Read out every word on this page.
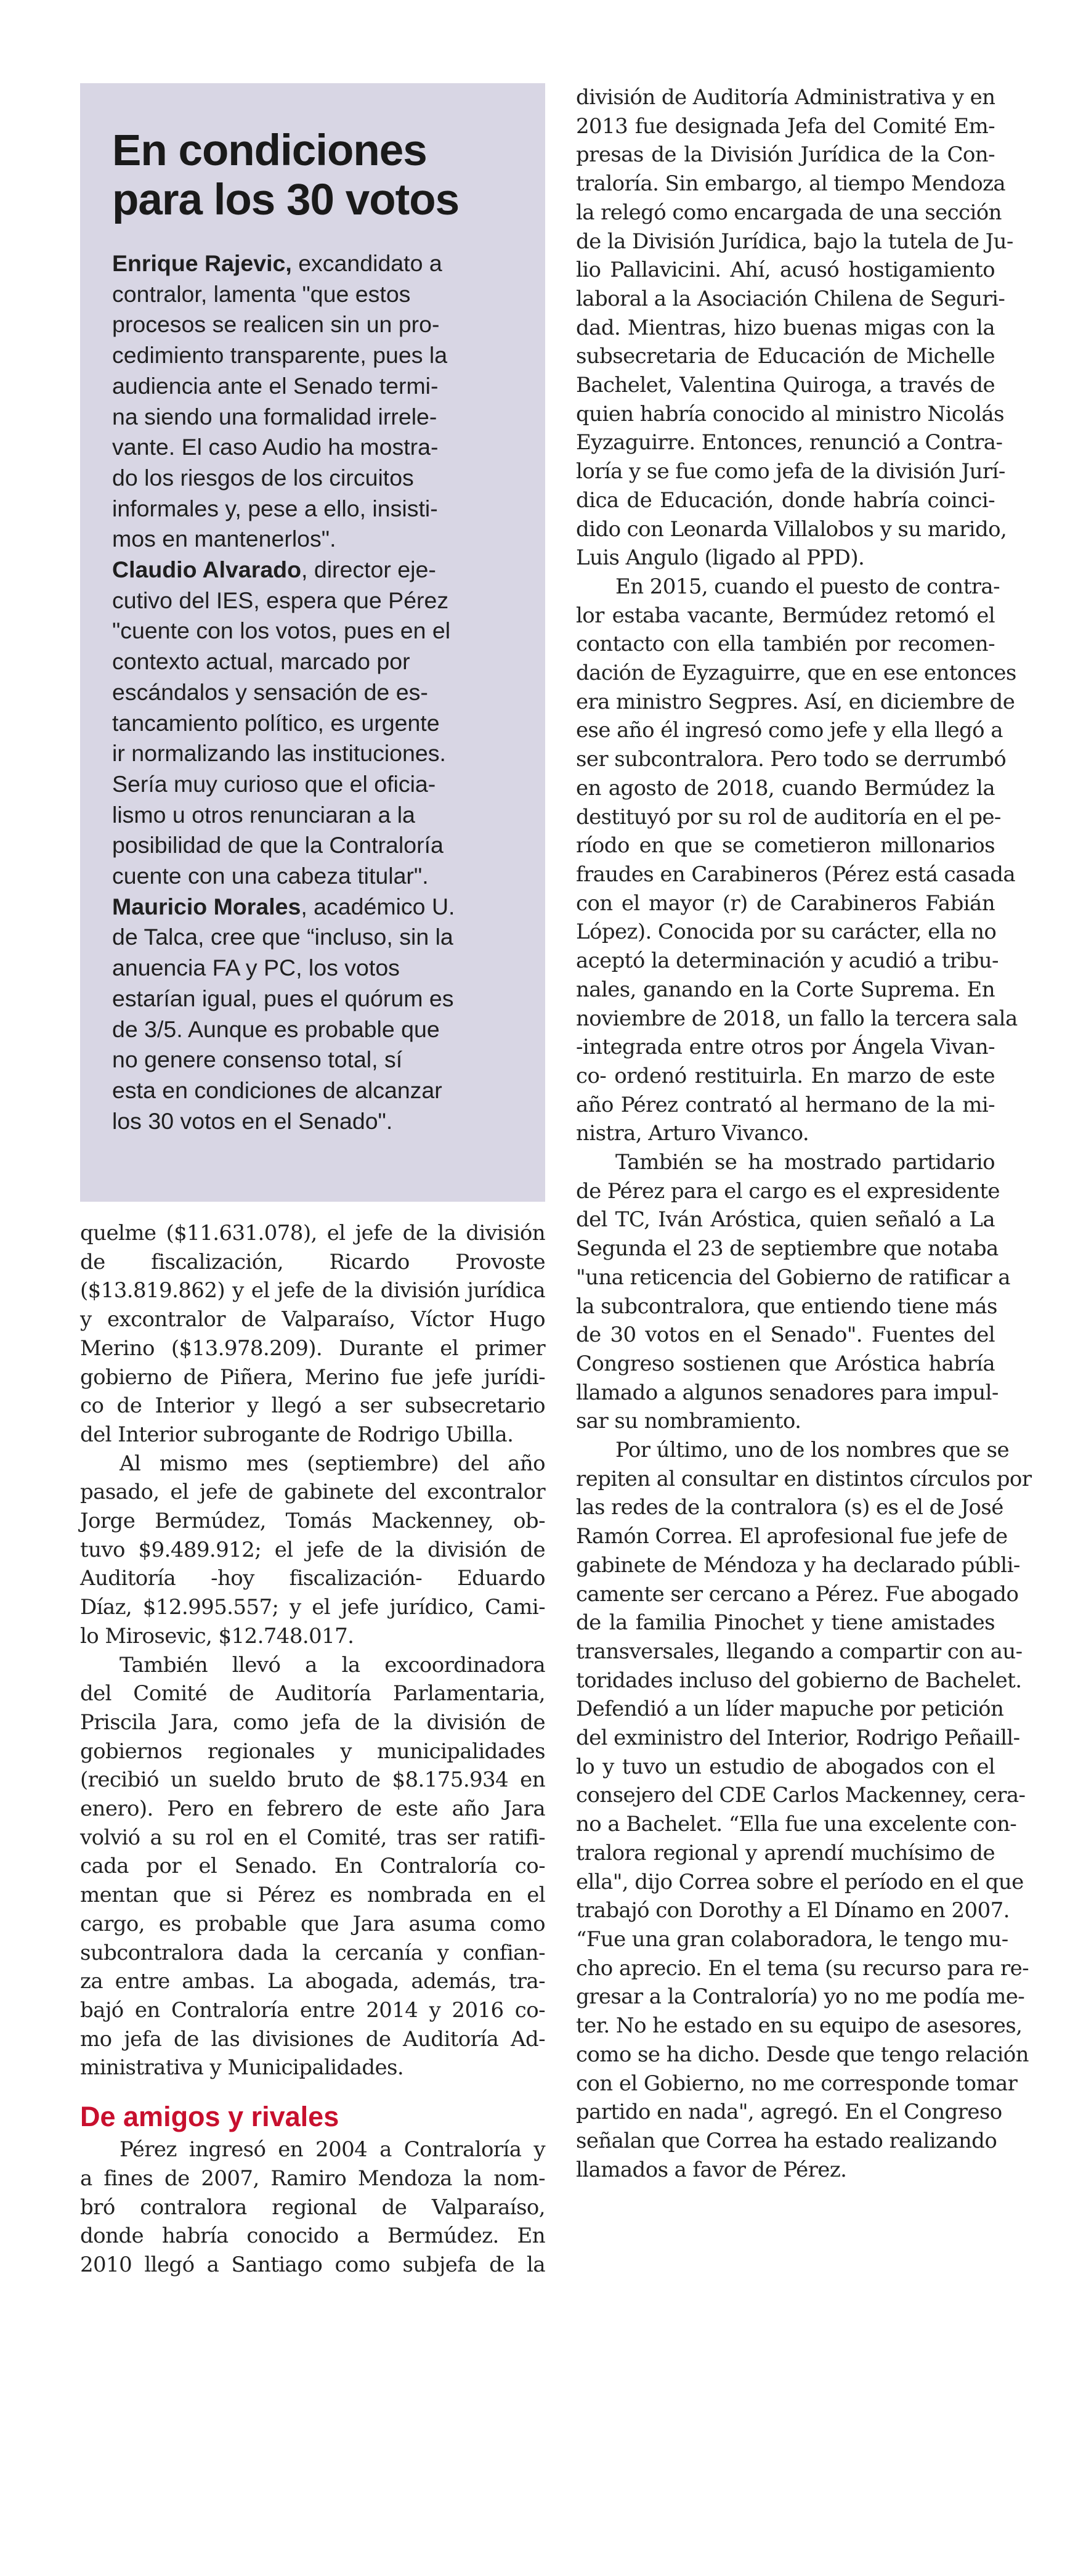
En condiciones
para los 30 votos
Enrique Rajevic, excandidato a
contralor, lamenta "que estos
procesos se realicen sin un pro-
cedimiento transparente, pues la
audiencia ante el Senado termi-
na siendo una formalidad irrele-
vante. El caso Audio ha mostra-
do los riesgos de los circuitos
informales y, pese a ello, insisti-
mos en mantenerlos".
Claudio Alvarado, director eje-
cutivo del IES, espera que Pérez
"cuente con los votos, pues en el
contexto actual, marcado por
escándalos y sensación de es-
tancamiento político, es urgente
ir normalizando las instituciones.
Sería muy curioso que el oficia-
lismo u otros renunciaran a la
posibilidad de que la Contraloría
cuente con una cabeza titular".
Mauricio Morales, académico U.
de Talca, cree que “incluso, sin la
anuencia FA y PC, los votos
estarían igual, pues el quórum es
de 3/5. Aunque es probable que
no genere consenso total, sí
esta en condiciones de alcanzar
los 30 votos en el Senado".
quelme ($11.631.078), el jefe de la división
de fiscalización, Ricardo Provoste
($13.819.862) y el jefe de la división jurídica
y excontralor de Valparaíso, Víctor Hugo
Merino ($13.978.209). Durante el primer
gobierno de Piñera, Merino fue jefe jurídi-
co de Interior y llegó a ser subsecretario
del Interior subrogante de Rodrigo Ubilla.
Al mismo mes (septiembre) del año
pasado, el jefe de gabinete del excontralor
Jorge Bermúdez, Tomás Mackenney, ob-
tuvo $9.489.912; el jefe de la división de
Auditoría -hoy fiscalización- Eduardo
Díaz, $12.995.557; y el jefe jurídico, Cami-
lo Mirosevic, $12.748.017.
También llevó a la excoordinadora
del Comité de Auditoría Parlamentaria,
Priscila Jara, como jefa de la división de
gobiernos regionales y municipalidades
(recibió un sueldo bruto de $8.175.934 en
enero). Pero en febrero de este año Jara
volvió a su rol en el Comité, tras ser ratifi-
cada por el Senado. En Contraloría co-
mentan que si Pérez es nombrada en el
cargo, es probable que Jara asuma como
subcontralora dada la cercanía y confian-
za entre ambas. La abogada, además, tra-
bajó en Contraloría entre 2014 y 2016 co-
mo jefa de las divisiones de Auditoría Ad-
ministrativa y Municipalidades.
De amigos y rivales
Pérez ingresó en 2004 a Contraloría y
a fines de 2007, Ramiro Mendoza la nom-
bró contralora regional de Valparaíso,
donde habría conocido a Bermúdez. En
2010 llegó a Santiago como subjefa de la
división de Auditoría Administrativa y en
2013 fue designada Jefa del Comité Em-
presas de la División Jurídica de la Con-
traloría. Sin embargo, al tiempo Mendoza
la relegó como encargada de una sección
de la División Jurídica, bajo la tutela de Ju-
lio Pallavicini. Ahí, acusó hostigamiento
laboral a la Asociación Chilena de Seguri-
dad. Mientras, hizo buenas migas con la
subsecretaria de Educación de Michelle
Bachelet, Valentina Quiroga, a través de
quien habría conocido al ministro Nicolás
Eyzaguirre. Entonces, renunció a Contra-
loría y se fue como jefa de la división Jurí-
dica de Educación, donde habría coinci-
dido con Leonarda Villalobos y su marido,
Luis Angulo (ligado al PPD).
En 2015, cuando el puesto de contra-
lor estaba vacante, Bermúdez retomó el
contacto con ella también por recomen-
dación de Eyzaguirre, que en ese entonces
era ministro Segpres. Así, en diciembre de
ese año él ingresó como jefe y ella llegó a
ser subcontralora. Pero todo se derrumbó
en agosto de 2018, cuando Bermúdez la
destituyó por su rol de auditoría en el pe-
ríodo en que se cometieron millonarios
fraudes en Carabineros (Pérez está casada
con el mayor (r) de Carabineros Fabián
López). Conocida por su carácter, ella no
aceptó la determinación y acudió a tribu-
nales, ganando en la Corte Suprema. En
noviembre de 2018, un fallo la tercera sala
-integrada entre otros por Ángela Vivan-
co- ordenó restituirla. En marzo de este
año Pérez contrató al hermano de la mi-
nistra, Arturo Vivanco.
También se ha mostrado partidario
de Pérez para el cargo es el expresidente
del TC, Iván Aróstica, quien señaló a La
Segunda el 23 de septiembre que notaba
"una reticencia del Gobierno de ratificar a
la subcontralora, que entiendo tiene más
de 30 votos en el Senado". Fuentes del
Congreso sostienen que Aróstica habría
llamado a algunos senadores para impul-
sar su nombramiento.
Por último, uno de los nombres que se
repiten al consultar en distintos círculos por
las redes de la contralora (s) es el de José
Ramón Correa. El aprofesional fue jefe de
gabinete de Méndoza y ha declarado públi-
camente ser cercano a Pérez. Fue abogado
de la familia Pinochet y tiene amistades
transversales, llegando a compartir con au-
toridades incluso del gobierno de Bachelet.
Defendió a un líder mapuche por petición
del exministro del Interior, Rodrigo Peñaill-
lo y tuvo un estudio de abogados con el
consejero del CDE Carlos Mackenney, cera-
no a Bachelet. “Ella fue una excelente con-
tralora regional y aprendí muchísimo de
ella", dijo Correa sobre el período en el que
trabajó con Dorothy a El Dínamo en 2007.
“Fue una gran colaboradora, le tengo mu-
cho aprecio. En el tema (su recurso para re-
gresar a la Contraloría) yo no me podía me-
ter. No he estado en su equipo de asesores,
como se ha dicho. Desde que tengo relación
con el Gobierno, no me corresponde tomar
partido en nada", agregó. En el Congreso
señalan que Correa ha estado realizando
llamados a favor de Pérez.
